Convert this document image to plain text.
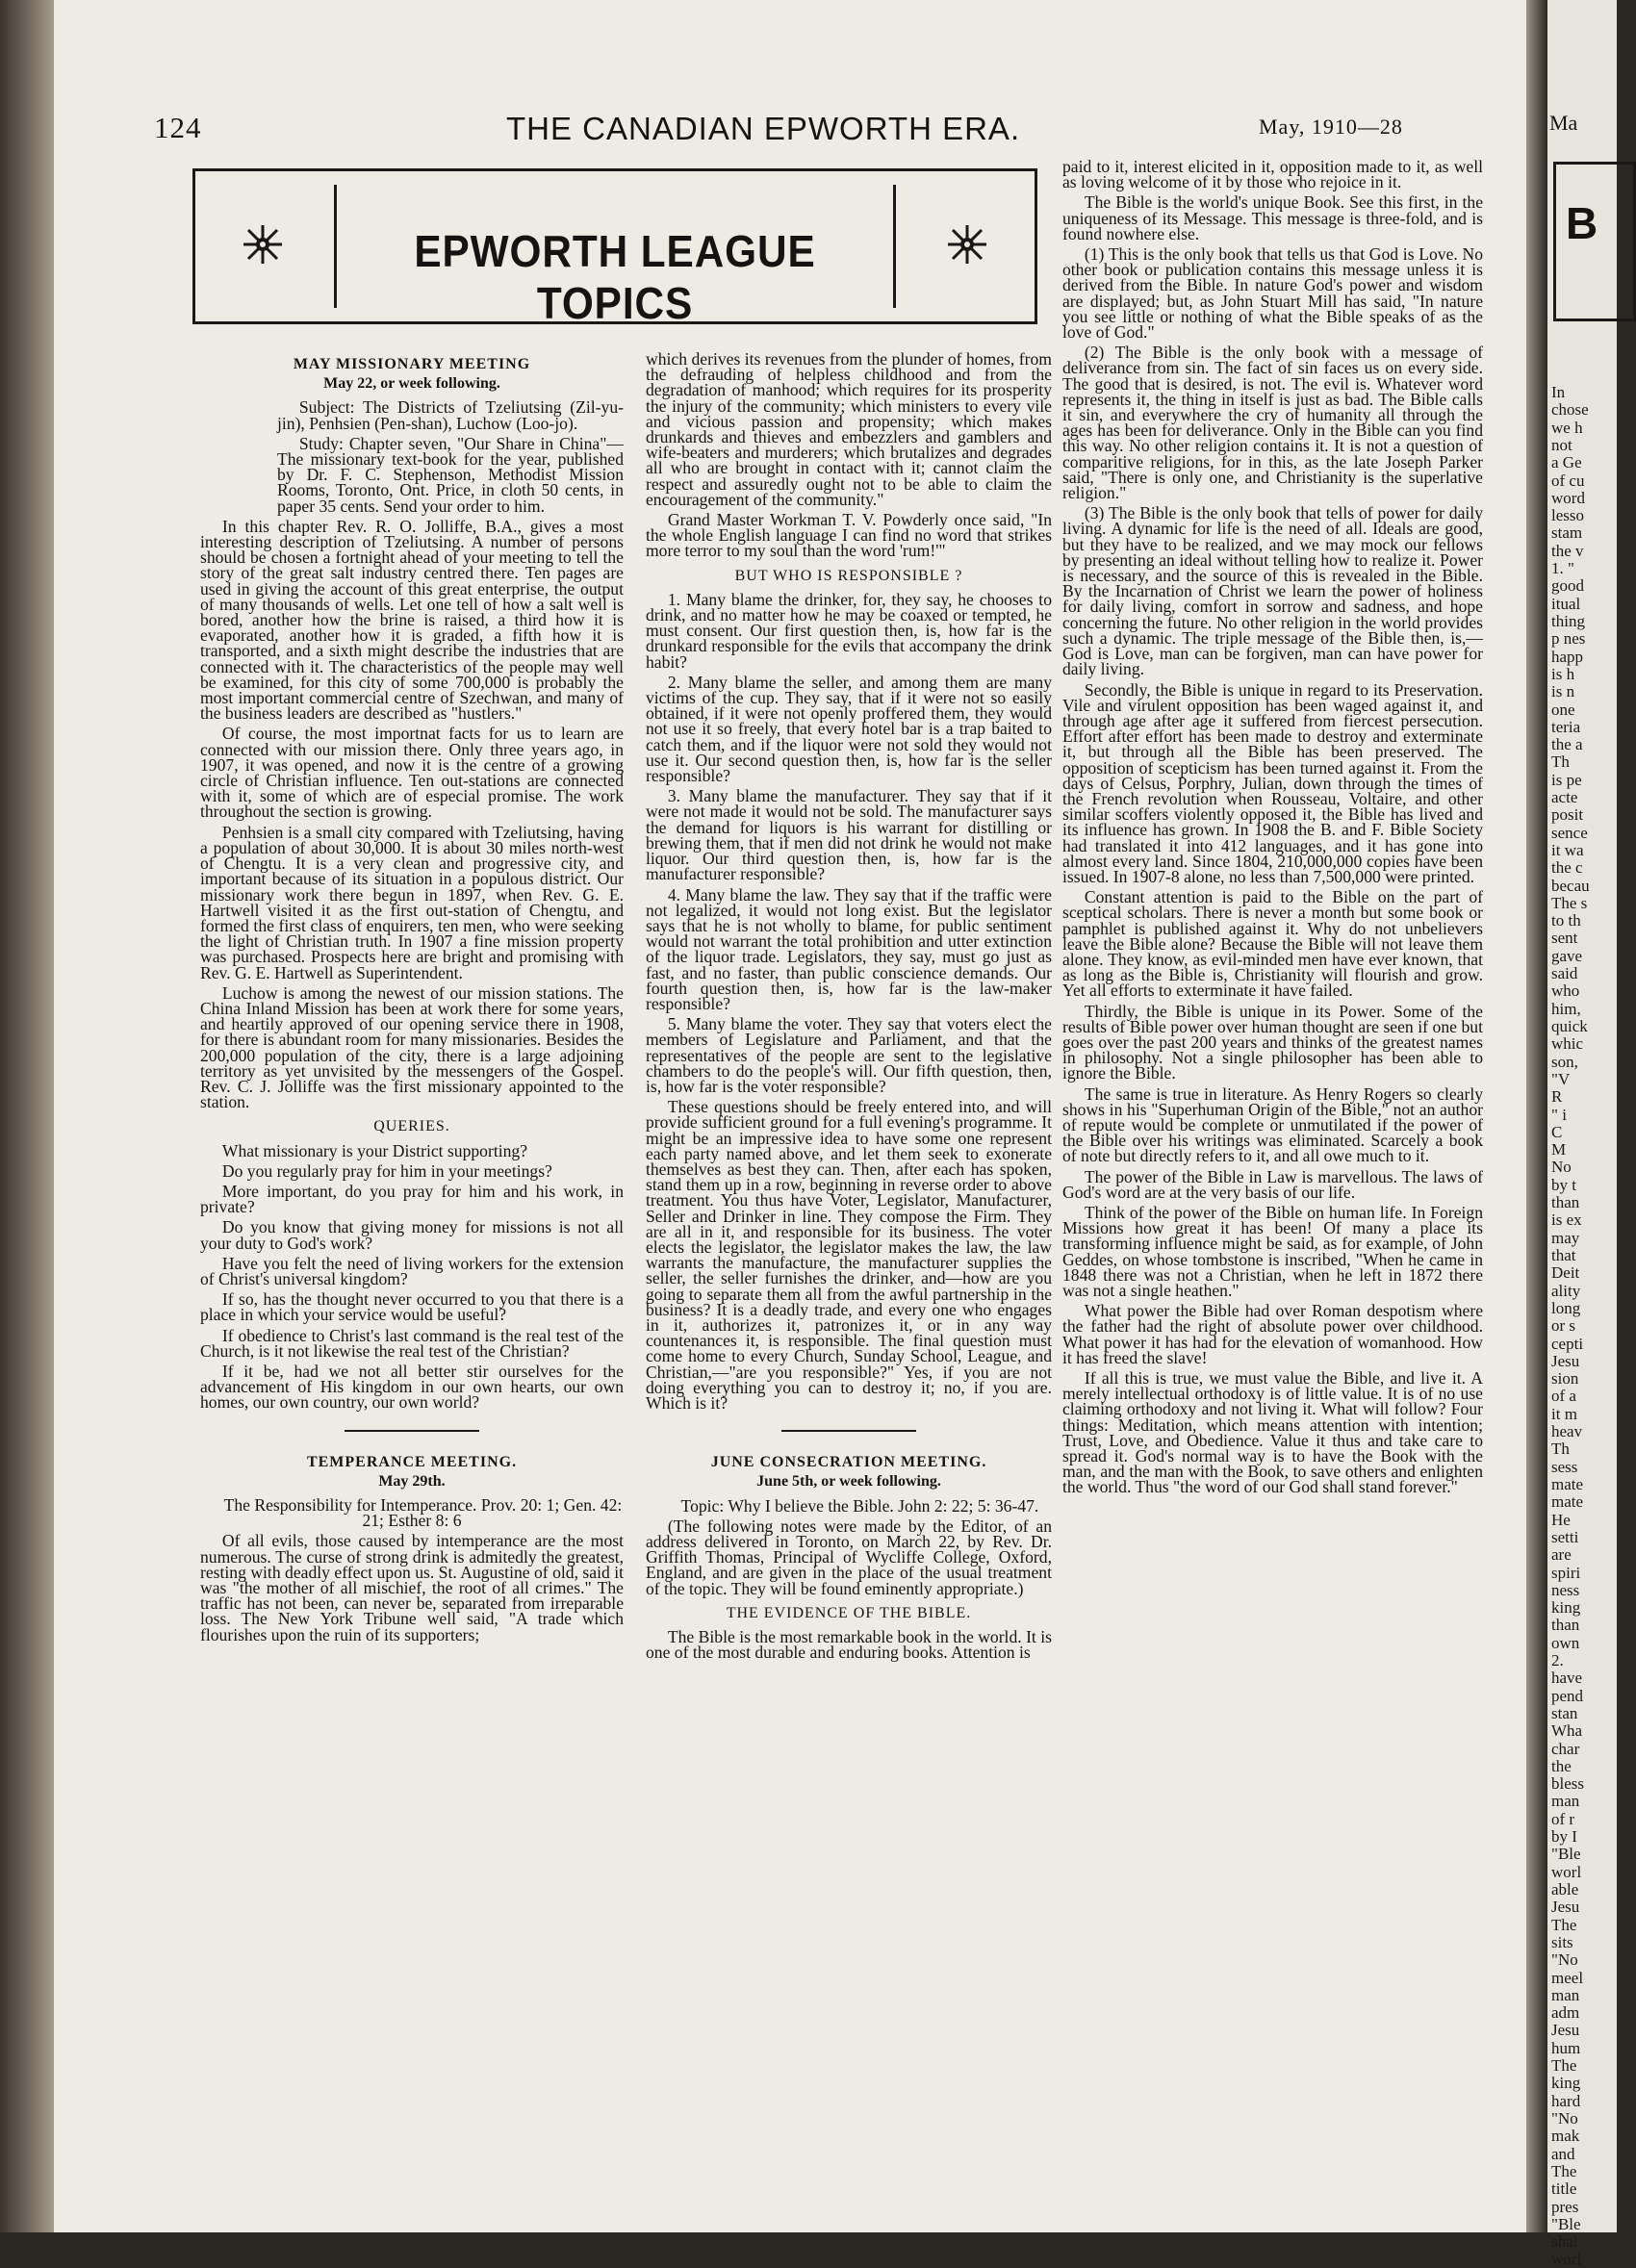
124	THE CANADIAN EPWORTH ERA.	May, 1910—28
EPWORTH LEAGUE TOPICS
MAY MISSIONARY MEETING
May 22, or week following.

Subject: The Districts of Tzeliutsing (Zil-yu-jin), Penhsien (Pen-shan), Luchow (Loo-jo).

Study: Chapter seven, "Our Share in China"—The missionary text-book for the year, published by Dr. F. C. Stephenson, Methodist Mission Rooms, Toronto, Ont. Price, in cloth 50 cents, in paper 35 cents. Send your order to him.

In this chapter Rev. R. O. Jolliffe, B.A., gives a most interesting description of Tzeliutsing. A number of persons should be chosen a fortnight ahead of your meeting to tell the story of the great salt industry centred there. Ten pages are used in giving the account of this great enterprise, the output of many thousands of wells. Let one tell of how a salt well is bored, another how the brine is raised, a third how it is evaporated, another how it is graded, a fifth how it is transported, and a sixth might describe the industries that are connected with it. The characteristics of the people may well be examined, for this city of some 700,000 is probably the most important commercial centre of Szechwan, and many of the business leaders are described as "hustlers."

Of course, the most importnat facts for us to learn are connected with our mission there. Only three years ago, in 1907, it was opened, and now it is the centre of a growing circle of Christian influence. Ten out-stations are connected with it, some of which are of especial promise. The work throughout the section is growing.

Penhsien is a small city compared with Tzeliutsing, having a population of about 30,000. It is about 30 miles north-west of Chengtu. It is a very clean and progressive city, and important because of its situation in a populous district. Our missionary work there begun in 1897, when Rev. G. E. Hartwell visited it as the first out-station of Chengtu, and formed the first class of enquirers, ten men, who were seeking the light of Christian truth. In 1907 a fine mission property was purchased. Prospects here are bright and promising with Rev. G. E. Hartwell as Superintendent.

Luchow is among the newest of our mission stations. The China Inland Mission has been at work there for some years, and heartily approved of our opening service there in 1908, for there is abundant room for many missionaries. Besides the 200,000 population of the city, there is a large adjoining territory as yet unvisited by the messengers of the Gospel. Rev. C. J. Jolliffe was the first missionary appointed to the station.

QUERIES.

What missionary is your District supporting?

Do you regularly pray for him in your meetings?

More important, do you pray for him and his work, in private?

Do you know that giving money for missions is not all your duty to God's work?

Have you felt the need of living workers for the extension of Christ's universal kingdom?

If so, has the thought never occurred to you that there is a place in which your service would be useful?

If obedience to Christ's last command is the real test of the Church, is it not likewise the real test of the Christian?

If it be, had we not all better stir ourselves for the advancement of His kingdom in our own hearts, our own homes, our own country, our own world?

TEMPERANCE MEETING.
May 29th.

The Responsibility for Intemperance. Prov. 20: 1; Gen. 42: 21; Esther 8: 6

Of all evils, those caused by intemperance are the most numerous. The curse of strong drink is admitedly the greatest, resting with deadly effect upon us. St. Augustine of old, said it was "the mother of all mischief, the root of all crimes." The traffic has not been, can never be, separated from irreparable loss. The New York Tribune well said, "A trade which flourishes upon the ruin of its supporters;

which derives its revenues from the plunder of homes, from the defrauding of helpless childhood and from the degradation of manhood; which requires for its prosperity the injury of the community; which ministers to every vile and vicious passion and propensity; which makes drunkards and thieves and embezzlers and gamblers and wife-beaters and murderers; which brutalizes and degrades all who are brought in contact with it; cannot claim the respect and assuredly ought not to be able to claim the encouragement of the community."

Grand Master Workman T. V. Powderly once said, "In the whole English language I can find no word that strikes more terror to my soul than the word 'rum!'"

BUT WHO IS RESPONSIBLE ?

1. Many blame the drinker, for, they say, he chooses to drink, and no matter how he may be coaxed or tempted, he must consent. Our first question then, is, how far is the drunkard responsible for the evils that accompany the drink habit?

2. Many blame the seller, and among them are many victims of the cup. They say, that if it were not so easily obtained, if it were not openly proffered them, they would not use it so freely, that every hotel bar is a trap baited to catch them, and if the liquor were not sold they would not use it. Our second question then, is, how far is the seller responsible?

3. Many blame the manufacturer. They say that if it were not made it would not be sold. The manufacturer says the demand for liquors is his warrant for distilling or brewing them, that if men did not drink he would not make liquor. Our third question then, is, how far is the manufacturer responsible?

4. Many blame the law. They say that if the traffic were not legalized, it would not long exist. But the legislator says that he is not wholly to blame, for public sentiment would not warrant the total prohibition and utter extinction of the liquor trade. Legislators, they say, must go just as fast, and no faster, than public conscience demands. Our fourth question then, is, how far is the law-maker responsible?

5. Many blame the voter. They say that voters elect the members of Legislature and Parliament, and that the representatives of the people are sent to the legislative chambers to do the people's will. Our fifth question, then, is, how far is the voter responsible?

These questions should be freely entered into, and will provide sufficient ground for a full evening's programme. It might be an impressive idea to have some one represent each party named above, and let them seek to exonerate themselves as best they can. Then, after each has spoken, stand them up in a row, beginning in reverse order to above treatment. You thus have Voter, Legislator, Manufacturer, Seller and Drinker in line. They compose the Firm. They are all in it, and responsible for its business. The voter elects the legislator, the legislator makes the law, the law warrants the manufacture, the manufacturer supplies the seller, the seller furnishes the drinker, and—how are you going to separate them all from the awful partnership in the business? It is a deadly trade, and every one who engages in it, authorizes it, patronizes it, or in any way countenances it, is responsible. The final question must come home to every Church, Sunday School, League, and Christian,—"are you responsible?" Yes, if you are not doing everything you can to destroy it; no, if you are. Which is it?

JUNE CONSECRATION MEETING.
June 5th, or week following.

Topic: Why I believe the Bible. John 2: 22; 5: 36-47.

(The following notes were made by the Editor, of an address delivered in Toronto, on March 22, by Rev. Dr. Griffith Thomas, Principal of Wycliffe College, Oxford, England, and are given in the place of the usual treatment of the topic. They will be found eminently appropriate.)

THE EVIDENCE OF THE BIBLE.

The Bible is the most remarkable book in the world. It is one of the most durable and enduring books. Attention is

paid to it, interest elicited in it, opposition made to it, as well as loving welcome of it by those who rejoice in it.

The Bible is the world's unique Book. See this first, in the uniqueness of its Message. This message is three-fold, and is found nowhere else.

(1) This is the only book that tells us that God is Love. No other book or publication contains this message unless it is derived from the Bible. In nature God's power and wisdom are displayed; but, as John Stuart Mill has said, "In nature you see little or nothing of what the Bible speaks of as the love of God."

(2) The Bible is the only book with a message of deliverance from sin. The fact of sin faces us on every side. The good that is desired, is not. The evil is. Whatever word represents it, the thing in itself is just as bad. The Bible calls it sin, and everywhere the cry of humanity all through the ages has been for deliverance. Only in the Bible can you find this way. No other religion contains it. It is not a question of comparitive religions, for in this, as the late Joseph Parker said, "There is only one, and Christianity is the superlative religion."

(3) The Bible is the only book that tells of power for daily living. A dynamic for life is the need of all. Ideals are good, but they have to be realized, and we may mock our fellows by presenting an ideal without telling how to realize it. Power is necessary, and the source of this is revealed in the Bible. By the Incarnation of Christ we learn the power of holiness for daily living, comfort in sorrow and sadness, and hope concerning the future. No other religion in the world provides such a dynamic. The triple message of the Bible then, is,—God is Love, man can be forgiven, man can have power for daily living.

Secondly, the Bible is unique in regard to its Preservation. Vile and virulent opposition has been waged against it, and through age after age it suffered from fiercest persecution. Effort after effort has been made to destroy and exterminate it, but through all the Bible has been preserved. The opposition of scepticism has been turned against it. From the days of Celsus, Porphry, Julian, down through the times of the French revolution when Rousseau, Voltaire, and other similar scoffers violently opposed it, the Bible has lived and its influence has grown. In 1908 the B. and F. Bible Society had translated it into 412 languages, and it has gone into almost every land. Since 1804, 210,000,000 copies have been issued. In 1907-8 alone, no less than 7,500,000 were printed.

Constant attention is paid to the Bible on the part of sceptical scholars. There is never a month but some book or pamphlet is published against it. Why do not unbelievers leave the Bible alone? Because the Bible will not leave them alone. They know, as evil-minded men have ever known, that as long as the Bible is, Christianity will flourish and grow. Yet all efforts to exterminate it have failed.

Thirdly, the Bible is unique in its Power. Some of the results of Bible power over human thought are seen if one but goes over the past 200 years and thinks of the greatest names in philosophy. Not a single philosopher has been able to ignore the Bible.

The same is true in literature. As Henry Rogers so clearly shows in his "Superhuman Origin of the Bible," not an author of repute would be complete or unmutilated if the power of the Bible over his writings was eliminated. Scarcely a book of note but directly refers to it, and all owe much to it.

The power of the Bible in Law is marvellous. The laws of God's word are at the very basis of our life.

Think of the power of the Bible on human life. In Foreign Missions how great it has been! Of many a place its transforming influence might be said, as for example, of John Geddes, on whose tombstone is inscribed, "When he came in 1848 there was not a Christian, when he left in 1872 there was not a single heathen."

What power the Bible had over Roman despotism where the father had the right of absolute power over childhood. What power it has had for the elevation of womanhood. How it has freed the slave!

If all this is true, we must value the Bible, and live it. A merely intellectual orthodoxy is of little value. It is of no use claiming orthodoxy and not living it. What will follow? Four things: Meditation, which means attention with intention; Trust, Love, and Obedience. Value it thus and take care to spread it. God's normal way is to have the Book with the man, and the man with the Book, to save others and enlighten the world. Thus "the word of our God shall stand forever."

Ma
B
In
chose
we h
not
a Ge
of cu
word
lesso
stam
the v
1. "
good
itual
thing
p nes
happ
is h
is n
one
teria
the a
Th
is pe
acte
posit
sence
it wa
the c
becau
The s
to th
sent
gave
said
who
him,
quick
whic
son,
"V
R
" i
C
M
No
by t
than
is ex
may
that
Deit
ality
long
or s
cepti
Jesu
sion
of a
it m
heav
Th
sess
mate
mate
He
setti
are
spiri
ness
king
than
own
2.
have
pend
stan
Wha
char
the
bless
man
of r
by I
"Ble
worl
able
Jesu
The
sits
"No
meel
man
adm
Jesu
hum
The
king
hard
"No
mak
and
The
title
pres
"Ble
shal
worl
